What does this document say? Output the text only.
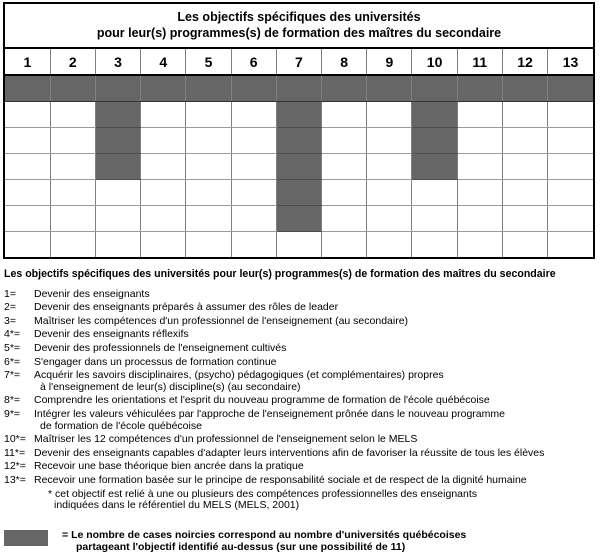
Les objectifs spécifiques des universités
pour leur(s) programmes(s) de formation des maîtres du secondaire
1	2	3	4	5	6	7	8	9	10	11	12	13

Les objectifs spécifiques des universités pour leur(s) programmes(s) de formation des maîtres du secondaire
1=	Devenir des enseignants
2=	Devenir des enseignants préparés à assumer des rôles de leader
3=	Maîtriser les compétences d'un professionnel de l'enseignement (au secondaire)
4*=	Devenir des enseignants réflexifs
5*=	Devenir des professionnels de l'enseignement cultivés
6*=	S'engager dans un processus de formation continue
7*=	Acquérir les savoirs disciplinaires, (psycho) pédagogiques (et complémentaires) propres
à l'enseignement de leur(s) discipline(s) (au secondaire)
8*=	Comprendre les orientations et l'esprit du nouveau programme de formation de l'école québécoise
9*=	Intégrer les valeurs véhiculées par l'approche de l'enseignement prônée dans le nouveau programme
de formation de l'école québécoise
10*= Maîtriser les 12 compétences d'un professionnel de l'enseignement selon le MELS
11*= Devenir des enseignants capables d'adapter leurs interventions afin de favoriser la réussite de tous les élèves
12*= Recevoir une base théorique bien ancrée dans la pratique
13*= Recevoir une formation basée sur le principe de responsabilité sociale et de respect de la dignité humaine
* cet objectif est relié à une ou plusieurs des compétences professionnelles des enseignants
indiquées dans le référentiel du MELS (MELS, 2001)
= Le nombre de cases noircies correspond au nombre d'universités québécoises
partageant l'objectif identifié au-dessus (sur une possibilité de 11)
